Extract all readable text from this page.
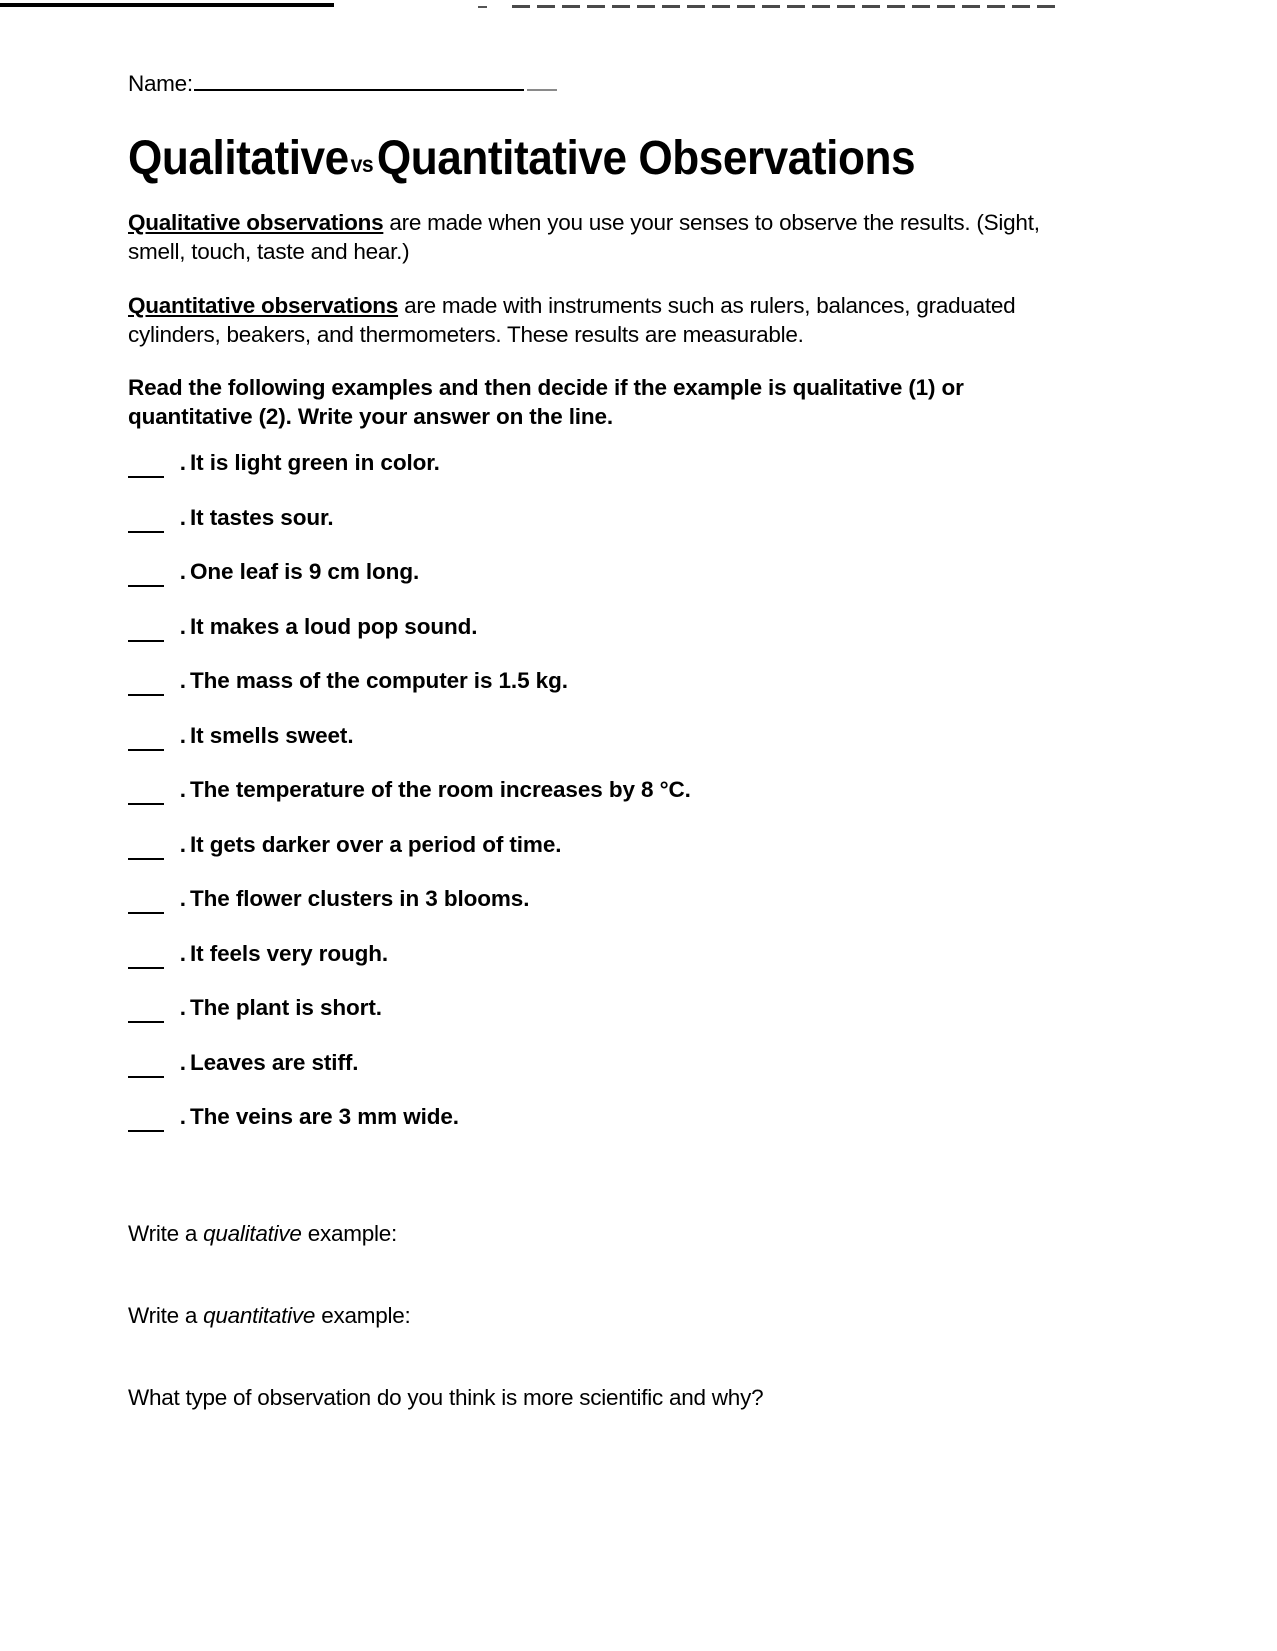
Name:
QualitativevsQuantitative Observations

Qualitative observations are made when you use your senses to observe the results. (Sight, smell, touch, taste and hear.)

Quantitative observations are made with instruments such as rulers, balances, graduated cylinders, beakers, and thermometers. These results are measurable.

Read the following examples and then decide if the example is qualitative (1) or quantitative (2). Write your answer on the line.

. It is light green in color.
. It tastes sour.
. One leaf is 9 cm long.
. It makes a loud pop sound.
. The mass of the computer is 1.5 kg.
. It smells sweet.
. The temperature of the room increases by 8 °C.
. It gets darker over a period of time.
. The flower clusters in 3 blooms.
. It feels very rough.
. The plant is short.
. Leaves are stiff.
. The veins are 3 mm wide.

Write a qualitative example:

Write a quantitative example:

What type of observation do you think is more scientific and why?
